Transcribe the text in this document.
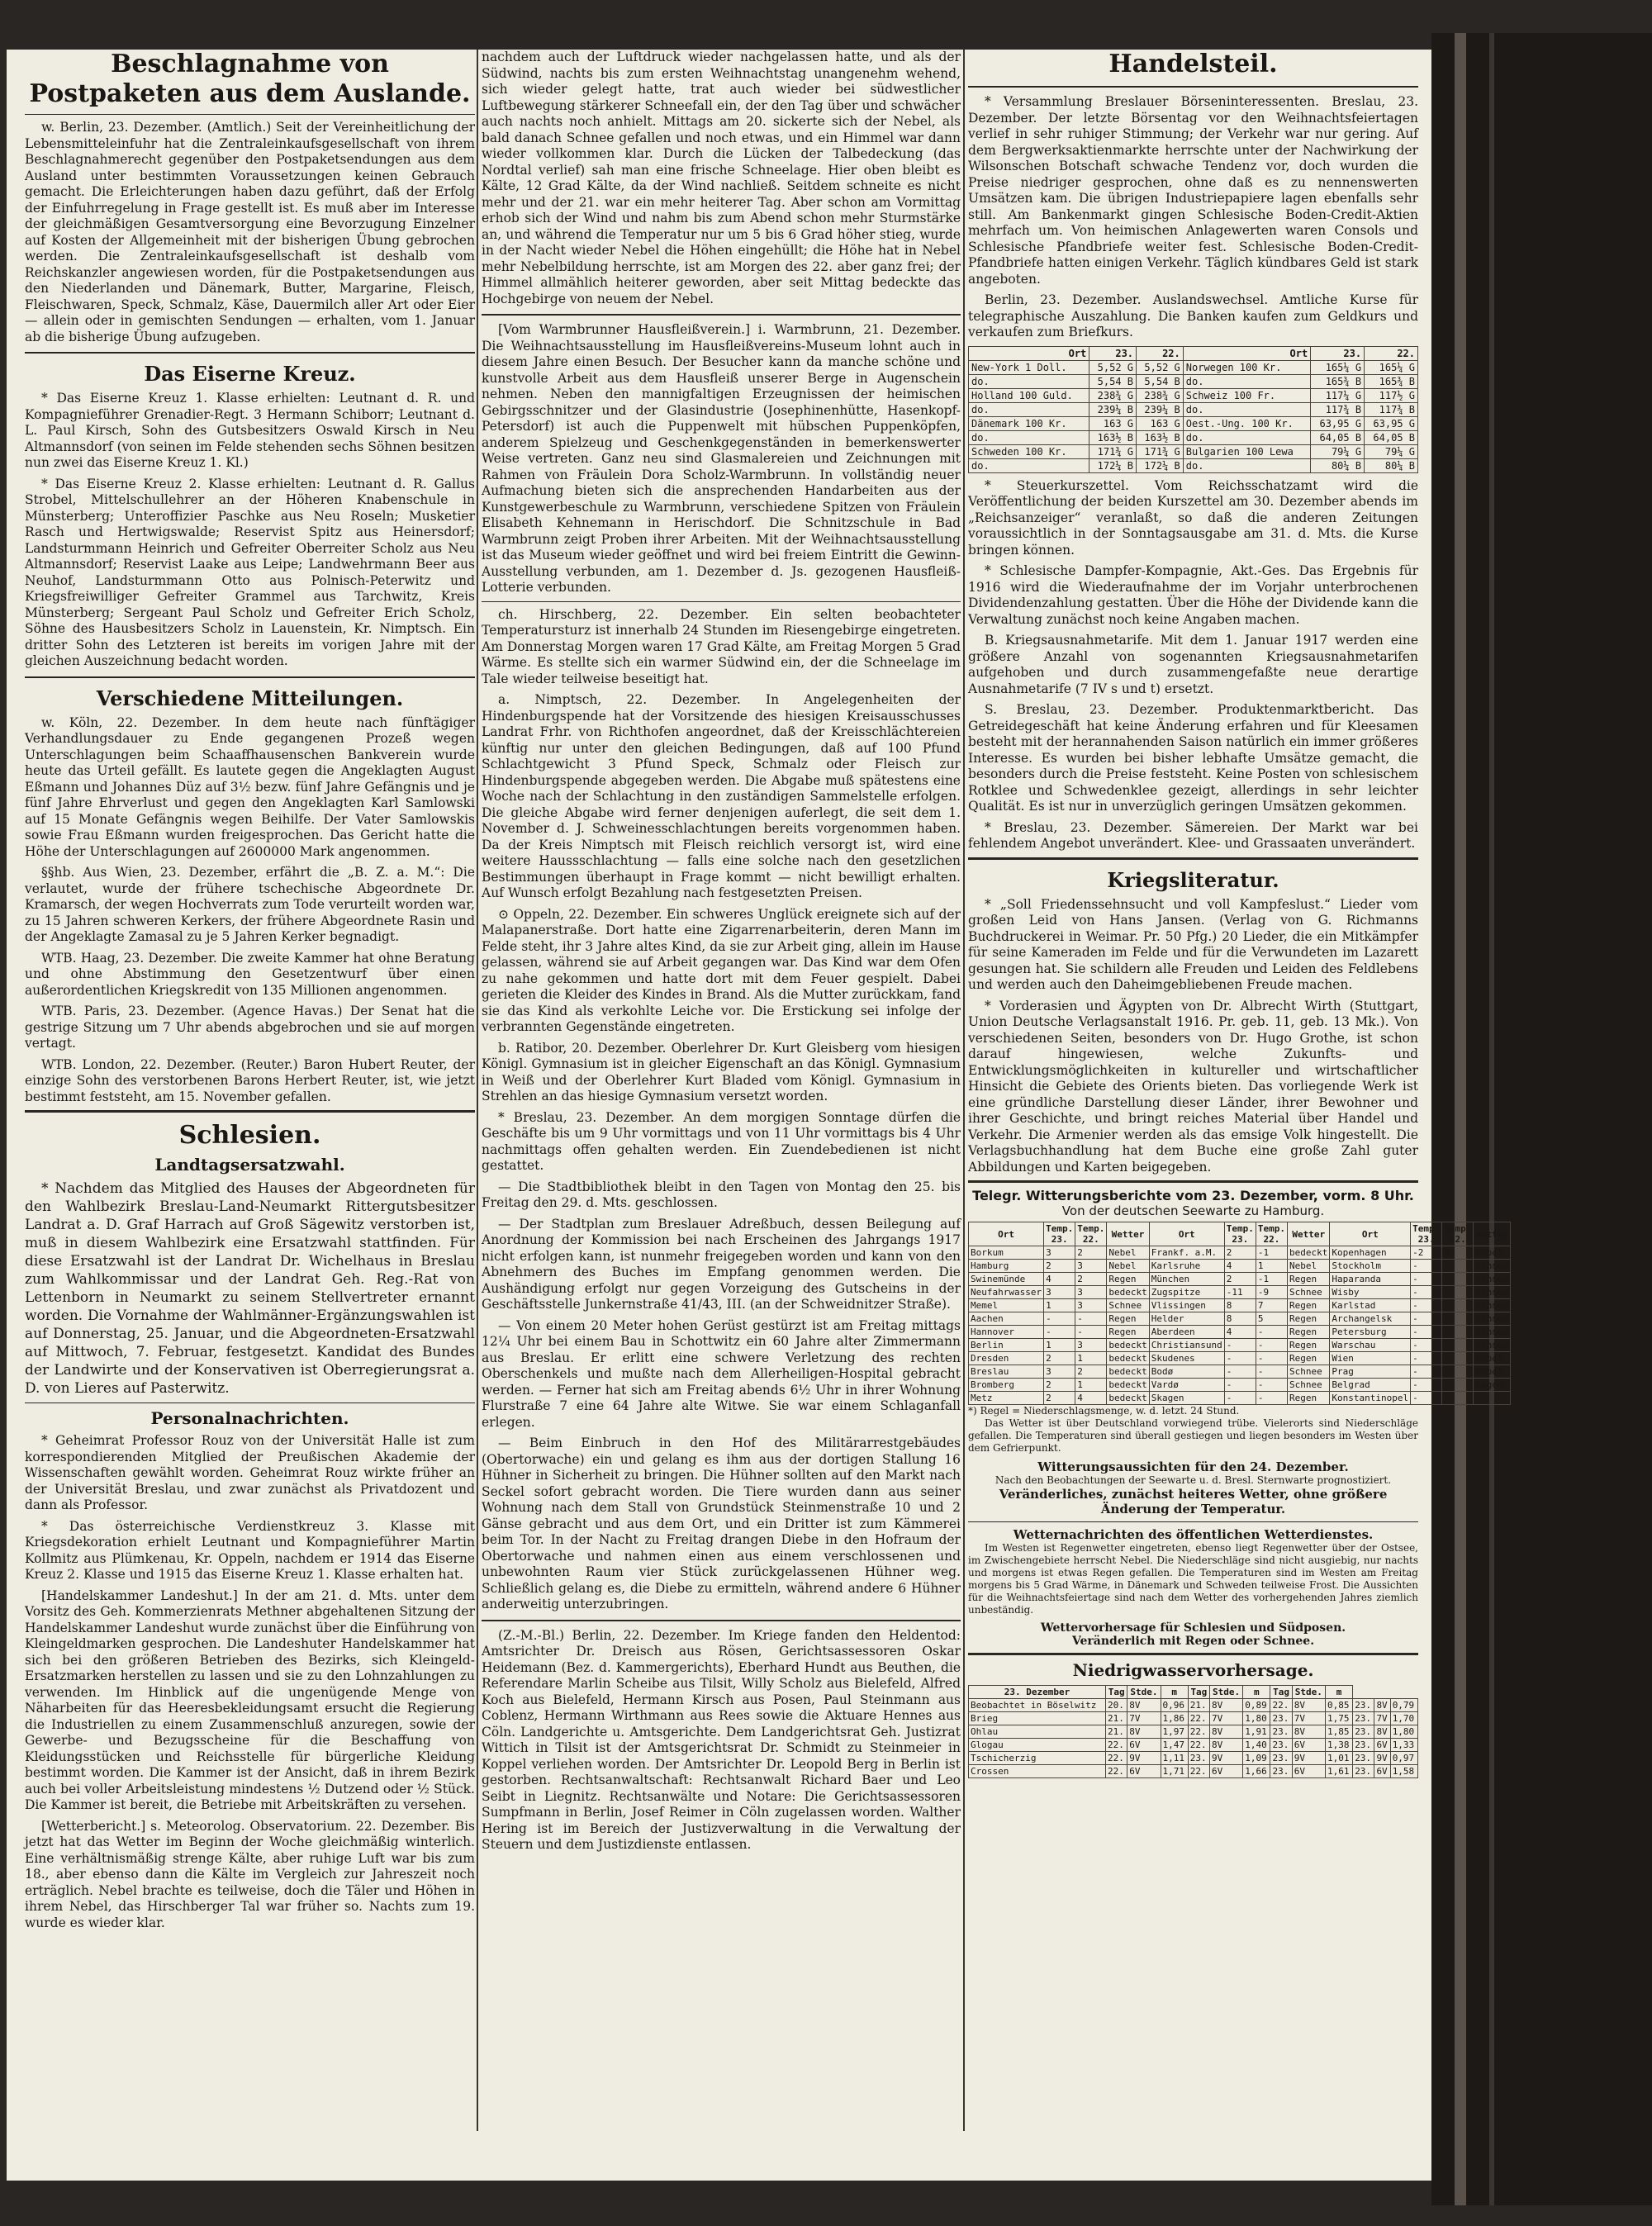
Beschlagnahme von Postpaketen aus dem Auslande.

w. Berlin, 23. Dezember. (Amtlich.) Seit der Vereinheitlichung der Lebensmitteleinfuhr hat die Zentraleinkaufsgesellschaft von ihrem Beschlagnahmerecht gegenüber den Postpaketsendungen aus dem Ausland unter bestimmten Voraussetzungen keinen Gebrauch gemacht. Die Erleichterungen haben dazu geführt, daß der Erfolg der Einfuhrregelung in Frage gestellt ist. Es muß aber im Interesse der gleichmäßigen Gesamtversorgung eine Bevorzugung Einzelner auf Kosten der Allgemeinheit mit der bisherigen Übung gebrochen werden. Die Zentraleinkaufsgesellschaft ist deshalb vom Reichskanzler angewiesen worden, für die Postpaketsendungen aus den Niederlanden und Dänemark, Butter, Margarine, Fleisch, Fleischwaren, Speck, Schmalz, Käse, Dauermilch aller Art oder Eier — allein oder in gemischten Sendungen — erhalten, vom 1. Januar ab die bisherige Übung aufzugeben.

Das Eiserne Kreuz.

* Das Eiserne Kreuz 1. Klasse erhielten: Leutnant d. R. und Kompagnieführer Grenadier-Regt. 3 Hermann Schiborr; Leutnant d. L. Paul Kirsch, Sohn des Gutsbesitzers Oswald Kirsch in Neu Altmannsdorf (von seinen im Felde stehenden sechs Söhnen besitzen nun zwei das Eiserne Kreuz 1. Kl.)

* Das Eiserne Kreuz 2. Klasse erhielten: Leutnant d. R. Gallus Strobel, Mittelschullehrer an der Höheren Knabenschule in Münsterberg; Unteroffizier Paschke aus Neu Roseln; Musketier Rasch und Hertwigswalde; Reservist Spitz aus Heinersdorf; Landsturmmann Heinrich und Gefreiter Oberreiter Scholz aus Neu Altmannsdorf; Reservist Laake aus Leipe; Landwehrmann Beer aus Neuhof, Landsturmmann Otto aus Polnisch-Peterwitz und Kriegsfreiwilliger Gefreiter Grammel aus Tarchwitz, Kreis Münsterberg; Sergeant Paul Scholz und Gefreiter Erich Scholz, Söhne des Hausbesitzers Scholz in Lauenstein, Kr. Nimptsch. Ein dritter Sohn des Letzteren ist bereits im vorigen Jahre mit der gleichen Auszeichnung bedacht worden.

Verschiedene Mitteilungen.

w. Köln, 22. Dezember. In dem heute nach fünftägiger Verhandlungsdauer zu Ende gegangenen Prozeß wegen Unterschlagungen beim Schaaffhausenschen Bankverein wurde heute das Urteil gefällt. Es lautete gegen die Angeklagten August Eßmann und Johannes Düz auf 3½ bezw. fünf Jahre Gefängnis und je fünf Jahre Ehrverlust und gegen den Angeklagten Karl Samlowski auf 15 Monate Gefängnis wegen Beihilfe. Der Vater Samlowskis sowie Frau Eßmann wurden freigesprochen. Das Gericht hatte die Höhe der Unterschlagungen auf 2600000 Mark angenommen.

§§hb. Aus Wien, 23. Dezember, erfährt die „B. Z. a. M.“: Die verlautet, wurde der frühere tschechische Abgeordnete Dr. Kramarsch, der wegen Hochverrats zum Tode verurteilt worden war, zu 15 Jahren schweren Kerkers, der frühere Abgeordnete Rasin und der Angeklagte Zamasal zu je 5 Jahren Kerker begnadigt.

WTB. Haag, 23. Dezember. Die zweite Kammer hat ohne Beratung und ohne Abstimmung den Gesetzentwurf über einen außerordentlichen Kriegskredit von 135 Millionen angenommen.

WTB. Paris, 23. Dezember. (Agence Havas.) Der Senat hat die gestrige Sitzung um 7 Uhr abends abgebrochen und sie auf morgen vertagt.

WTB. London, 22. Dezember. (Reuter.) Baron Hubert Reuter, der einzige Sohn des verstorbenen Barons Herbert Reuter, ist, wie jetzt bestimmt feststeht, am 15. November gefallen.

Schlesien.
Landtagsersatzwahl.

* Nachdem das Mitglied des Hauses der Abgeordneten für den Wahlbezirk Breslau-Land-Neumarkt Rittergutsbesitzer Landrat a. D. Graf Harrach auf Groß Sägewitz verstorben ist, muß in diesem Wahlbezirk eine Ersatzwahl stattfinden. Für diese Ersatzwahl ist der Landrat Dr. Wichelhaus in Breslau zum Wahlkommissar und der Landrat Geh. Reg.-Rat von Lettenborn in Neumarkt zu seinem Stellvertreter ernannt worden. Die Vornahme der Wahlmänner-Ergänzungswahlen ist auf Donnerstag, 25. Januar, und die Abgeordneten-Ersatzwahl auf Mittwoch, 7. Februar, festgesetzt. Kandidat des Bundes der Landwirte und der Konservativen ist Oberregierungsrat a. D. von Lieres auf Pasterwitz.

Personalnachrichten.

* Geheimrat Professor Rouz von der Universität Halle ist zum korrespondierenden Mitglied der Preußischen Akademie der Wissenschaften gewählt worden. Geheimrat Rouz wirkte früher an der Universität Breslau, und zwar zunächst als Privatdozent und dann als Professor.

* Das österreichische Verdienstkreuz 3. Klasse mit Kriegsdekoration erhielt Leutnant und Kompagnieführer Martin Kollmitz aus Plümkenau, Kr. Oppeln, nachdem er 1914 das Eiserne Kreuz 2. Klasse und 1915 das Eiserne Kreuz 1. Klasse erhalten hat.

[Handelskammer Landeshut.] In der am 21. d. Mts. unter dem Vorsitz des Geh. Kommerzienrats Methner abgehaltenen Sitzung der Handelskammer Landeshut wurde zunächst über die Einführung von Kleingeldmarken gesprochen. Die Landeshuter Handelskammer hat sich bei den größeren Betrieben des Bezirks, sich Kleingeld-Ersatzmarken herstellen zu lassen und sie zu den Lohnzahlungen zu verwenden. Im Hinblick auf die ungenügende Menge von Näharbeiten für das Heeresbekleidungsamt ersucht die Regierung die Industriellen zu einem Zusammenschluß anzuregen, sowie der Gewerbe- und Bezugsscheine für die Beschaffung von Kleidungsstücken und Reichsstelle für bürgerliche Kleidung bestimmt worden. Die Kammer ist der Ansicht, daß in ihrem Bezirk auch bei voller Arbeitsleistung mindestens ½ Dutzend oder ½ Stück. Die Kammer ist bereit, die Betriebe mit Arbeitskräften zu versehen.

[Wetterbericht.] s. Meteorolog. Observatorium. 22. Dezember. Bis jetzt hat das Wetter im Beginn der Woche gleichmäßig winterlich. Eine verhältnismäßig strenge Kälte, aber ruhige Luft war bis zum 18., aber ebenso dann die Kälte im Vergleich zur Jahreszeit noch erträglich. Nebel brachte es teilweise, doch die Täler und Höhen in ihrem Nebel, das Hirschberger Tal war früher so. Nachts zum 19. wurde es wieder klar.

nachdem auch der Luftdruck wieder nachgelassen hatte, und als der Südwind, nachts bis zum ersten Weihnachtstag unangenehm wehend, sich wieder gelegt hatte, trat auch wieder bei südwestlicher Luftbewegung stärkerer Schneefall ein, der den Tag über und schwächer auch nachts noch anhielt. Mittags am 20. sickerte sich der Nebel, als bald danach Schnee gefallen und noch etwas, und ein Himmel war dann wieder vollkommen klar. Durch die Lücken der Talbedeckung (das Nordtal verlief) sah man eine frische Schneelage. Hier oben bleibt es Kälte, 12 Grad Kälte, da der Wind nachließ. Seitdem schneite es nicht mehr und der 21. war ein mehr heiterer Tag. Aber schon am Vormittag erhob sich der Wind und nahm bis zum Abend schon mehr Sturmstärke an, und während die Temperatur nur um 5 bis 6 Grad höher stieg, wurde in der Nacht wieder Nebel die Höhen eingehüllt; die Höhe hat in Nebel mehr Nebelbildung herrschte, ist am Morgen des 22. aber ganz frei; der Himmel allmählich heiterer geworden, aber seit Mittag bedeckte das Hochgebirge von neuem der Nebel.

[Vom Warmbrunner Hausfleißverein.] i. Warmbrunn, 21. Dezember. Die Weihnachtsausstellung im Hausfleißvereins-Museum lohnt auch in diesem Jahre einen Besuch. Der Besucher kann da manche schöne und kunstvolle Arbeit aus dem Hausfleiß unserer Berge in Augenschein nehmen. Neben den mannigfaltigen Erzeugnissen der heimischen Gebirgsschnitzer und der Glasindustrie (Josephinenhütte, Hasenkopf-Petersdorf) ist auch die Puppenwelt mit hübschen Puppenköpfen, anderem Spielzeug und Geschenkgegenständen in bemerkenswerter Weise vertreten. Ganz neu sind Glasmalereien und Zeichnungen mit Rahmen von Fräulein Dora Scholz-Warmbrunn. In vollständig neuer Aufmachung bieten sich die ansprechenden Handarbeiten aus der Kunstgewerbeschule zu Warmbrunn, verschiedene Spitzen von Fräulein Elisabeth Kehnemann in Herischdorf. Die Schnitzschule in Bad Warmbrunn zeigt Proben ihrer Arbeiten. Mit der Weihnachtsausstellung ist das Museum wieder geöffnet und wird bei freiem Eintritt die Gewinn-Ausstellung verbunden, am 1. Dezember d. Js. gezogenen Hausfleiß-Lotterie verbunden.

ch. Hirschberg, 22. Dezember. Ein selten beobachteter Temperatursturz ist innerhalb 24 Stunden im Riesengebirge eingetreten. Am Donnerstag Morgen waren 17 Grad Kälte, am Freitag Morgen 5 Grad Wärme. Es stellte sich ein warmer Südwind ein, der die Schneelage im Tale wieder teilweise beseitigt hat.

a. Nimptsch, 22. Dezember. In Angelegenheiten der Hindenburgspende hat der Vorsitzende des hiesigen Kreisausschusses Landrat Frhr. von Richthofen angeordnet, daß der Kreisschlächtereien künftig nur unter den gleichen Bedingungen, daß auf 100 Pfund Schlachtgewicht 3 Pfund Speck, Schmalz oder Fleisch zur Hindenburgspende abgegeben werden. Die Abgabe muß spätestens eine Woche nach der Schlachtung in den zuständigen Sammelstelle erfolgen. Die gleiche Abgabe wird ferner denjenigen auferlegt, die seit dem 1. November d. J. Schweinesschlachtungen bereits vorgenommen haben. Da der Kreis Nimptsch mit Fleisch reichlich versorgt ist, wird eine weitere Haussschlachtung — falls eine solche nach den gesetzlichen Bestimmungen überhaupt in Frage kommt — nicht bewilligt erhalten. Auf Wunsch erfolgt Bezahlung nach festgesetzten Preisen.

⊙ Oppeln, 22. Dezember. Ein schweres Unglück ereignete sich auf der Malapanerstraße. Dort hatte eine Zigarrenarbeiterin, deren Mann im Felde steht, ihr 3 Jahre altes Kind, da sie zur Arbeit ging, allein im Hause gelassen, während sie auf Arbeit gegangen war. Das Kind war dem Ofen zu nahe gekommen und hatte dort mit dem Feuer gespielt. Dabei gerieten die Kleider des Kindes in Brand. Als die Mutter zurückkam, fand sie das Kind als verkohlte Leiche vor. Die Erstickung sei infolge der verbrannten Gegenstände eingetreten.

b. Ratibor, 20. Dezember. Oberlehrer Dr. Kurt Gleisberg vom hiesigen Königl. Gymnasium ist in gleicher Eigenschaft an das Königl. Gymnasium in Weiß und der Oberlehrer Kurt Bladed vom Königl. Gymnasium in Strehlen an das hiesige Gymnasium versetzt worden.

* Breslau, 23. Dezember. An dem morgigen Sonntage dürfen die Geschäfte bis um 9 Uhr vormittags und von 11 Uhr vormittags bis 4 Uhr nachmittags offen gehalten werden. Ein Zuendebedienen ist nicht gestattet.

— Die Stadtbibliothek bleibt in den Tagen von Montag den 25. bis Freitag den 29. d. Mts. geschlossen.

— Der Stadtplan zum Breslauer Adreßbuch, dessen Beilegung auf Anordnung der Kommission bei nach Erscheinen des Jahrgangs 1917 nicht erfolgen kann, ist nunmehr freigegeben worden und kann von den Abnehmern des Buches im Empfang genommen werden. Die Aushändigung erfolgt nur gegen Vorzeigung des Gutscheins in der Geschäftsstelle Junkernstraße 41/43, III. (an der Schweidnitzer Straße).

— Von einem 20 Meter hohen Gerüst gestürzt ist am Freitag mittags 12¼ Uhr bei einem Bau in Schottwitz ein 60 Jahre alter Zimmermann aus Breslau. Er erlitt eine schwere Verletzung des rechten Oberschenkels und mußte nach dem Allerheiligen-Hospital gebracht werden. — Ferner hat sich am Freitag abends 6½ Uhr in ihrer Wohnung Flurstraße 7 eine 64 Jahre alte Witwe. Sie war einem Schlaganfall erlegen.

— Beim Einbruch in den Hof des Militärarrestgebäudes (Obertorwache) ein und gelang es ihm aus der dortigen Stallung 16 Hühner in Sicherheit zu bringen. Die Hühner sollten auf den Markt nach Seckel sofort gebracht worden. Die Tiere wurden dann aus seiner Wohnung nach dem Stall von Grundstück Steinmenstraße 10 und 2 Gänse gebracht und aus dem Ort, und ein Dritter ist zum Kämmerei beim Tor. In der Nacht zu Freitag drangen Diebe in den Hofraum der Obertorwache und nahmen einen aus einem verschlossenen und unbewohnten Raum vier Stück zurückgelassenen Hühner weg. Schließlich gelang es, die Diebe zu ermitteln, während andere 6 Hühner anderweitig unterzubringen.

(Z.-M.-Bl.) Berlin, 22. Dezember. Im Kriege fanden den Heldentod: Amtsrichter Dr. Dreisch aus Rösen, Gerichtsassessoren Oskar Heidemann (Bez. d. Kammergerichts), Eberhard Hundt aus Beuthen, die Referendare Marlin Scheibe aus Tilsit, Willy Scholz aus Bielefeld, Alfred Koch aus Bielefeld, Hermann Kirsch aus Posen, Paul Steinmann aus Coblenz, Hermann Wirthmann aus Rees sowie die Aktuare Hennes aus Cöln. Landgerichte u. Amtsgerichte. Dem Landgerichtsrat Geh. Justizrat Wittich in Tilsit ist der Amtsgerichtsrat Dr. Schmidt zu Steinmeier in Koppel verliehen worden. Der Amtsrichter Dr. Leopold Berg in Berlin ist gestorben. Rechtsanwaltschaft: Rechtsanwalt Richard Baer und Leo Seibt in Liegnitz. Rechtsanwälte und Notare: Die Gerichtsassessoren Sumpfmann in Berlin, Josef Reimer in Cöln zugelassen worden. Walther Hering ist im Bereich der Justizverwaltung in die Verwaltung der Steuern und dem Justizdienste entlassen.

Handelsteil.

* Versammlung Breslauer Börseninteressenten. Breslau, 23. Dezember. Der letzte Börsentag vor den Weihnachtsfeiertagen verlief in sehr ruhiger Stimmung; der Verkehr war nur gering. Auf dem Bergwerksaktienmarkte herrschte unter der Nachwirkung der Wilsonschen Botschaft schwache Tendenz vor, doch wurden die Preise niedriger gesprochen, ohne daß es zu nennenswerten Umsätzen kam. Die übrigen Industriepapiere lagen ebenfalls sehr still. Am Bankenmarkt gingen Schlesische Boden-Credit-Aktien mehrfach um. Von heimischen Anlagewerten waren Consols und Schlesische Pfandbriefe weiter fest. Schlesische Boden-Credit-Pfandbriefe hatten einigen Verkehr. Täglich kündbares Geld ist stark angeboten.

Berlin, 23. Dezember. Auslandswechsel. Amtliche Kurse für telegraphische Auszahlung. Die Banken kaufen zum Geldkurs und verkaufen zum Briefkurs.

Ort	23.	22.	Ort	23.	22.
New-York 1 Doll.	5,52 G	5,52 G	Norwegen 100 Kr.	165¼ G	165¼ G
do.	5,54 B	5,54 B	do.	165¾ B	165¾ B
Holland 100 Guld.	238¾ G	238¾ G	Schweiz 100 Fr.	117¼ G	117½ G
do.	239¼ B	239¼ B	do.	117¾ B	117¾ B
Dänemark 100 Kr.	163 G	163 G	Oest.-Ung. 100 Kr.	63,95 G	63,95 G
do.	163½ B	163½ B	do.	64,05 B	64,05 B
Schweden 100 Kr.	171¾ G	171¾ G	Bulgarien 100 Lewa	79¼ G	79¼ G
do.	172¼ B	172¼ B	do.	80¼ B	80¼ B

* Steuerkurszettel. Vom Reichsschatzamt wird die Veröffentlichung der beiden Kurszettel am 30. Dezember abends im „Reichsanzeiger“ veranlaßt, so daß die anderen Zeitungen voraussichtlich in der Sonntagsausgabe am 31. d. Mts. die Kurse bringen können.

* Schlesische Dampfer-Kompagnie, Akt.-Ges. Das Ergebnis für 1916 wird die Wiederaufnahme der im Vorjahr unterbrochenen Dividendenzahlung gestatten. Über die Höhe der Dividende kann die Verwaltung zunächst noch keine Angaben machen.

B. Kriegsausnahmetarife. Mit dem 1. Januar 1917 werden eine größere Anzahl von sogenannten Kriegsausnahmetarifen aufgehoben und durch zusammengefaßte neue derartige Ausnahmetarife (7 IV s und t) ersetzt.

S. Breslau, 23. Dezember. Produktenmarktbericht. Das Getreidegeschäft hat keine Änderung erfahren und für Kleesamen besteht mit der herannahenden Saison natürlich ein immer größeres Interesse. Es wurden bei bisher lebhafte Umsätze gemacht, die besonders durch die Preise feststeht. Keine Posten von schlesischem Rotklee und Schwedenklee gezeigt, allerdings in sehr leichter Qualität. Es ist nur in unverzüglich geringen Umsätzen gekommen.

* Breslau, 23. Dezember. Sämereien. Der Markt war bei fehlendem Angebot unverändert. Klee- und Grassaaten unverändert.

Kriegsliteratur.

* „Soll Friedenssehnsucht und voll Kampfeslust.“ Lieder vom großen Leid von Hans Jansen. (Verlag von G. Richmanns Buchdruckerei in Weimar. Pr. 50 Pfg.) 20 Lieder, die ein Mitkämpfer für seine Kameraden im Felde und für die Verwundeten im Lazarett gesungen hat. Sie schildern alle Freuden und Leiden des Feldlebens und werden auch den Daheimgebliebenen Freude machen.

* Vorderasien und Ägypten von Dr. Albrecht Wirth (Stuttgart, Union Deutsche Verlagsanstalt 1916. Pr. geb. 11, geb. 13 Mk.). Von verschiedenen Seiten, besonders von Dr. Hugo Grothe, ist schon darauf hingewiesen, welche Zukunfts- und Entwicklungsmöglichkeiten in kultureller und wirtschaftlicher Hinsicht die Gebiete des Orients bieten. Das vorliegende Werk ist eine gründliche Darstellung dieser Länder, ihrer Bewohner und ihrer Geschichte, und bringt reiches Material über Handel und Verkehr. Die Armenier werden als das emsige Volk hingestellt. Die Verlagsbuchhandlung hat dem Buche eine große Zahl guter Abbildungen und Karten beigegeben.

Telegr. Witterungsberichte vom 23. Dezember, vorm. 8 Uhr.
Von der deutschen Seewarte zu Hamburg.
Ort	Temp. 23.	Temp. 22.	Wetter	Ort	Temp. 23.	Temp. 22.	Wetter	Ort	Temp. 23.	Temp. 22.	Wetter
Borkum	3	2	Nebel	Frankf. a.M.	2	-1	bedeckt	Kopenhagen	-2	3	Nebel
Hamburg	2	3	Nebel	Karlsruhe	4	1	Nebel	Stockholm	-	-	Schnee
Swinemünde	4	2	Regen	München	2	-1	Regen	Haparanda	-	-	Schnee
Neufahrwasser	3	3	bedeckt	Zugspitze	-11	-9	Schnee	Wisby	-	-	Schnee
Memel	1	3	Schnee	Vlissingen	8	7	Regen	Karlstad	-	-	Schnee
Aachen	-	-	Regen	Helder	8	5	Regen	Archangelsk	-	-	Schnee
Hannover	-	-	Regen	Aberdeen	4	-	Regen	Petersburg	-	-	Schnee
Berlin	1	3	bedeckt	Christiansund	-	-	Regen	Warschau	-	-	Schnee
Dresden	2	1	bedeckt	Skudenes	-	-	Regen	Wien	-	-	Nebel
Breslau	3	2	bedeckt	Bodø	-	-	Schnee	Prag	-	-	Nebel
Bromberg	2	1	bedeckt	Vardø	-	-	Schnee	Belgrad	-	-	Regen
Metz	2	4	bedeckt	Skagen	-	-	Regen	Konstantinopel	-	-	-
*) Regel = Niederschlagsmenge, w. d. letzt. 24 Stund.

Das Wetter ist über Deutschland vorwiegend trübe. Vielerorts sind Niederschläge gefallen. Die Temperaturen sind überall gestiegen und liegen besonders im Westen über dem Gefrierpunkt.

Witterungsaussichten für den 24. Dezember.
Nach den Beobachtungen der Seewarte u. d. Bresl. Sternwarte prognostiziert.
Veränderliches, zunächst heiteres Wetter, ohne größere Änderung der Temperatur.
Wetternachrichten des öffentlichen Wetterdienstes.

Im Westen ist Regenwetter eingetreten, ebenso liegt Regenwetter über der Ostsee, im Zwischengebiete herrscht Nebel. Die Niederschläge sind nicht ausgiebig, nur nachts und morgens ist etwas Regen gefallen. Die Temperaturen sind im Westen am Freitag morgens bis 5 Grad Wärme, in Dänemark und Schweden teilweise Frost. Die Aussichten für die Weihnachtsfeiertage sind nach dem Wetter des vorhergehenden Jahres ziemlich unbeständig.

Wettervorhersage für Schlesien und Südposen.
Veränderlich mit Regen oder Schnee.
Niedrigwasservorhersage.
23. Dezember	Tag	Stde.	m	Tag	Stde.	m	Tag	Stde.	m			
Beobachtet in Böselwitz	20.	8V	0,96	21.	8V	0,89	22.	8V	0,85	23.	8V	0,79
Brieg	21.	7V	1,86	22.	7V	1,80	23.	7V	1,75	23.	7V	1,70
Ohlau	21.	8V	1,97	22.	8V	1,91	23.	8V	1,85	23.	8V	1,80
Glogau	22.	6V	1,47	22.	8V	1,40	23.	6V	1,38	23.	6V	1,33
Tschicherzig	22.	9V	1,11	23.	9V	1,09	23.	9V	1,01	23.	9V	0,97
Crossen	22.	6V	1,71	22.	6V	1,66	23.	6V	1,61	23.	6V	1,58
